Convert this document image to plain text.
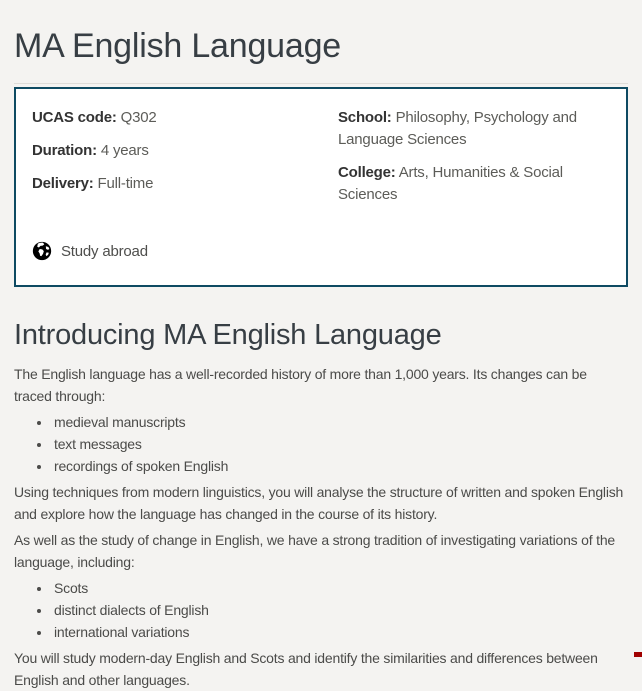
MA English Language

UCAS code: Q302

Duration: 4 years

Delivery: Full-time

School: Philosophy, Psychology and Language Sciences

College: Arts, Humanities & Social Sciences

Study abroad
Introducing MA English Language

The English language has a well-recorded history of more than 1,000 years. Its changes can be traced through:

• medieval manuscripts
• text messages
• recordings of spoken English

Using techniques from modern linguistics, you will analyse the structure of written and spoken English and explore how the language has changed in the course of its history.

As well as the study of change in English, we have a strong tradition of investigating variations of the language, including:

• Scots
• distinct dialects of English
• international variations

You will study modern-day English and Scots and identify the similarities and differences between English and other languages.
